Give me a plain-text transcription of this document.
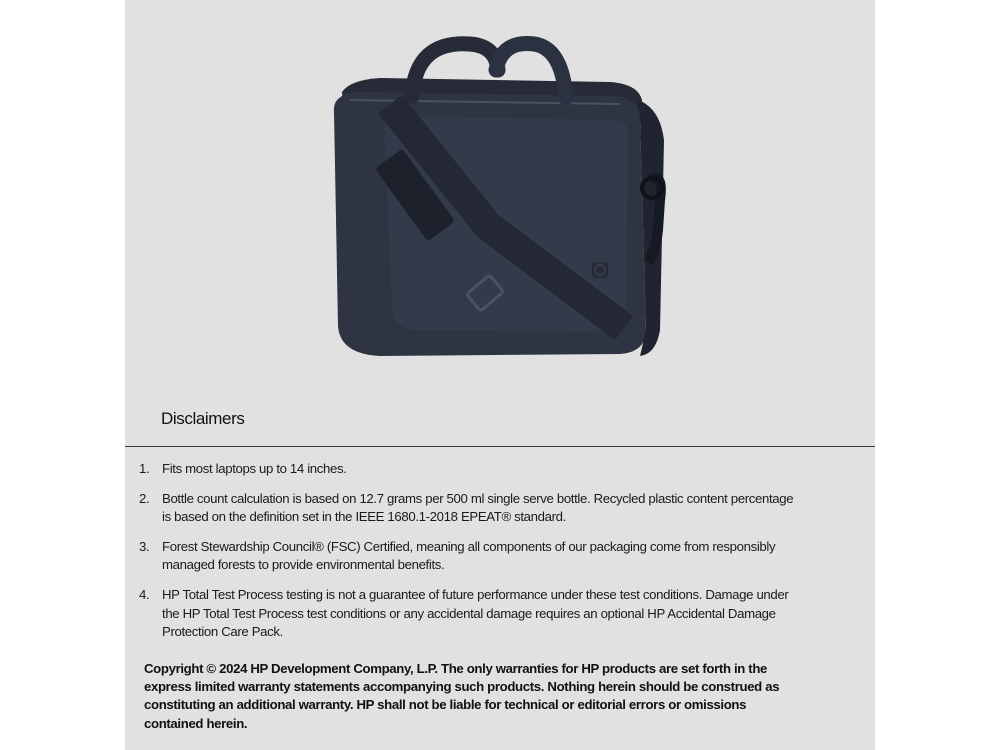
Disclaimers
1. Fits most laptops up to 14 inches.
2. Bottle count calculation is based on 12.7 grams per 500 ml single serve bottle. Recycled plastic content percentage is based on the definition set in the IEEE 1680.1-2018 EPEAT® standard.
3. Forest Stewardship Council® (FSC) Certified, meaning all components of our packaging come from responsibly managed forests to provide environmental benefits.
4. HP Total Test Process testing is not a guarantee of future performance under these test conditions. Damage under the HP Total Test Process test conditions or any accidental damage requires an optional HP Accidental Damage Protection Care Pack.
Copyright © 2024 HP Development Company, L.P. The only warranties for HP products are set forth in the express limited warranty statements accompanying such products. Nothing herein should be construed as constituting an additional warranty. HP shall not be liable for technical or editorial errors or omissions contained herein.
